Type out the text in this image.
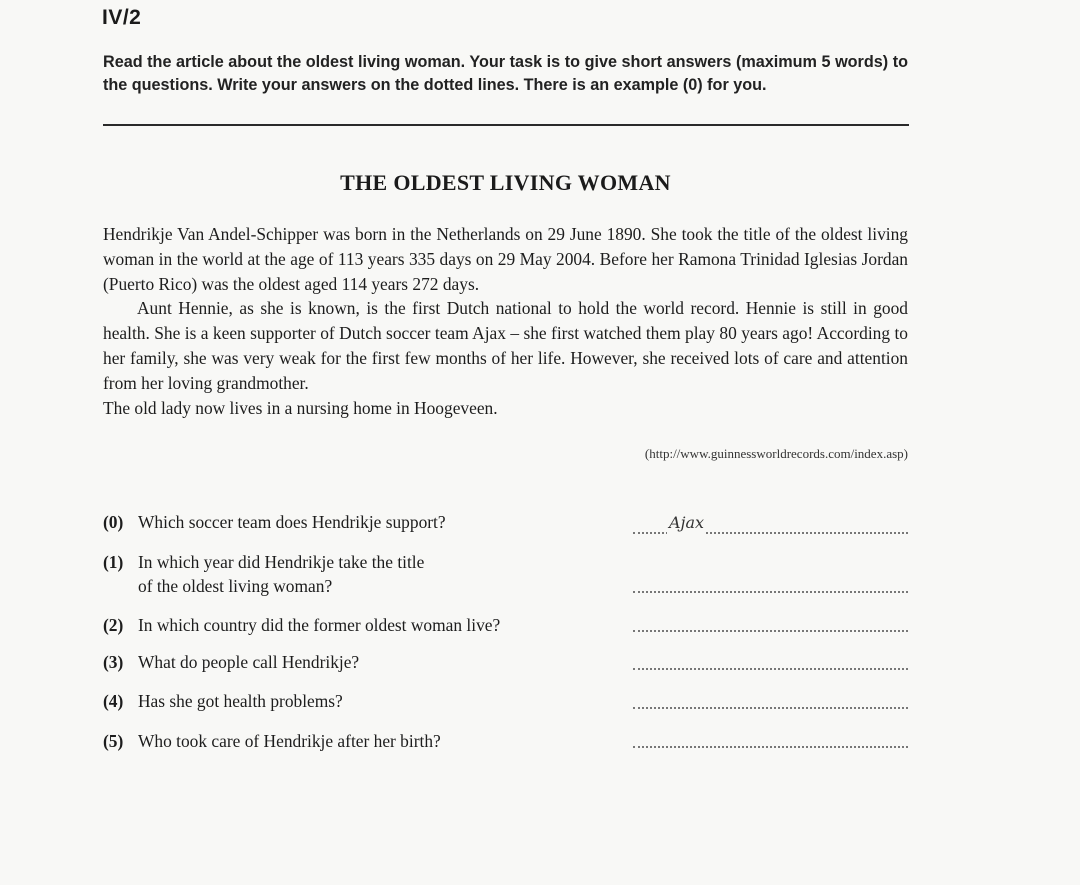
IV/2
Read the article about the oldest living woman. Your task is to give short answers (maximum 5 words) to the questions. Write your answers on the dotted lines. There is an example (0) for you.
THE OLDEST LIVING WOMAN

Hendrikje Van Andel-Schipper was born in the Netherlands on 29 June 1890. She took the title of the oldest living woman in the world at the age of 113 years 335 days on 29 May 2004. Before her Ramona Trinidad Iglesias Jordan (Puerto Rico) was the oldest aged 114 years 272 days.

Aunt Hennie, as she is known, is the first Dutch national to hold the world record. Hennie is still in good health. She is a keen supporter of Dutch soccer team Ajax – she first watched them play 80 years ago! According to her family, she was very weak for the first few months of her life. However, she received lots of care and attention from her loving grandmother.

The old lady now lives in a nursing home in Hoogeveen.

(http://www.guinnessworldrecords.com/index.asp)
(0) Which soccer team does Hendrikje support?	Ajax
(1) In which year did Hendrikje take the title
of the oldest living woman?
(2) In which country did the former oldest woman live?
(3) What do people call Hendrikje?
(4) Has she got health problems?
(5) Who took care of Hendrikje after her birth?
